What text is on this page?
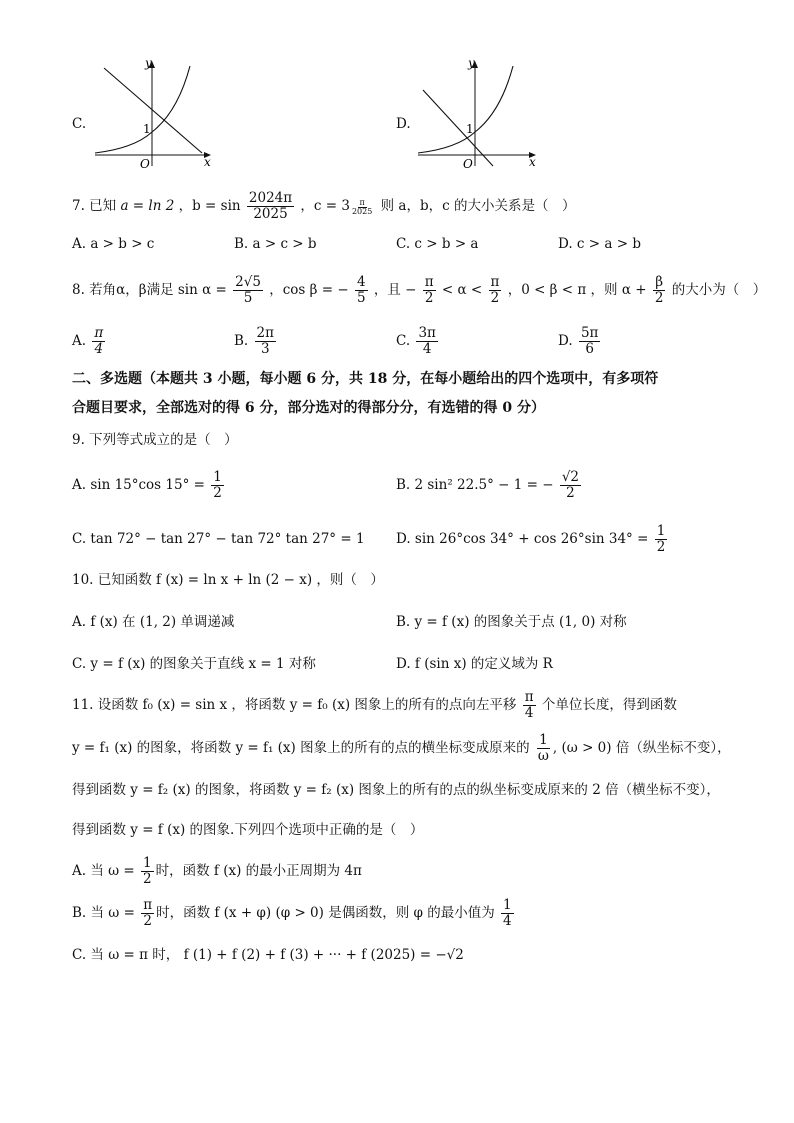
C.
y
x
O
1	D.
y
x
O
1
7. 已知 a = ln 2 ，$b = \sin \frac{2024\pi}{2025}$ ，$c = 3 \frac{\pi}{2025}$ 则 a，b，c 的大小关系是（　）
A. a > b > c	B. a > c > b	C. c > b > a	D. c > a > b
8. 若角α，β满足 $\sin \alpha = \frac{2√5}{5}$ ，cos β = − $\frac{4}{5}$ ，且 − $\frac{\pi}{2} < \alpha < \frac{\pi}{2}$ ，0 < β < π ，则 $\alpha + \frac{\beta}{2}$ 的大小为（　）
A. $\frac{\pi}{4}$	B. $\frac{2\pi}{3}$	C. $\frac{3\pi}{4}$	D. $\frac{5\pi}{6}$
二、多选题（本题共 3 小题，每小题 6 分，共 18 分，在每小题给出的四个选项中，有多项符
合题目要求，全部选对的得 6 分，部分选对的得部分分，有选错的得 0 分）
9. 下列等式成立的是（　）
A. sin 15°cos $15^\circ = \frac{1}{2}$	B. 2 sin² 22.5° − 1 = − $\frac{√2}{2}$
C. tan 72° − tan 27° − tan 72° tan 27° = 1 D. sin 26°cos 34° + cos 26°sin $34^\circ = \frac{1}{2}$
10. 已知函数 f (x) = ln x + ln (2 − x) ，则（　）
A. f (x) 在 (1, 2) 单调递减	B. y = f (x) 的图象关于点 (1, 0) 对称
C. y = f (x) 的图象关于直线 x = 1 对称	D. f (sin x) 的定义域为 R
11. 设函数 f₀ (x) = sin x ，将函数 y = f₀ (x) 图象上的所有的点向左平移 $\frac{\pi}{4}$ 个单位长度，得到函数
y = f₁ (x) 的图象，将函数 y = f₁ (x) 图象上的所有的点的横坐标变成原来的 $\frac{1}{\omega}$ , (ω > 0) 倍（纵坐标不变），
得到函数 y = f₂ (x) 的图象，将函数 y = f₂ (x) 图象上的所有的点的纵坐标变成原来的 2 倍（横坐标不变），
得到函数 y = f (x) 的图象.下列四个选项中正确的是（　）
A. 当 $\omega = \frac{1}{2}$ 时，函数 f (x) 的最小正周期为 4π
B. 当 $\omega = \frac{\pi}{2}$ 时，函数 f (x + φ) (φ > 0) 是偶函数，则 φ 的最小值为 $\frac{1}{4}$
C. 当 ω = π 时， f (1) + f (2) + f (3) + ··· + f (2025) = −√2
